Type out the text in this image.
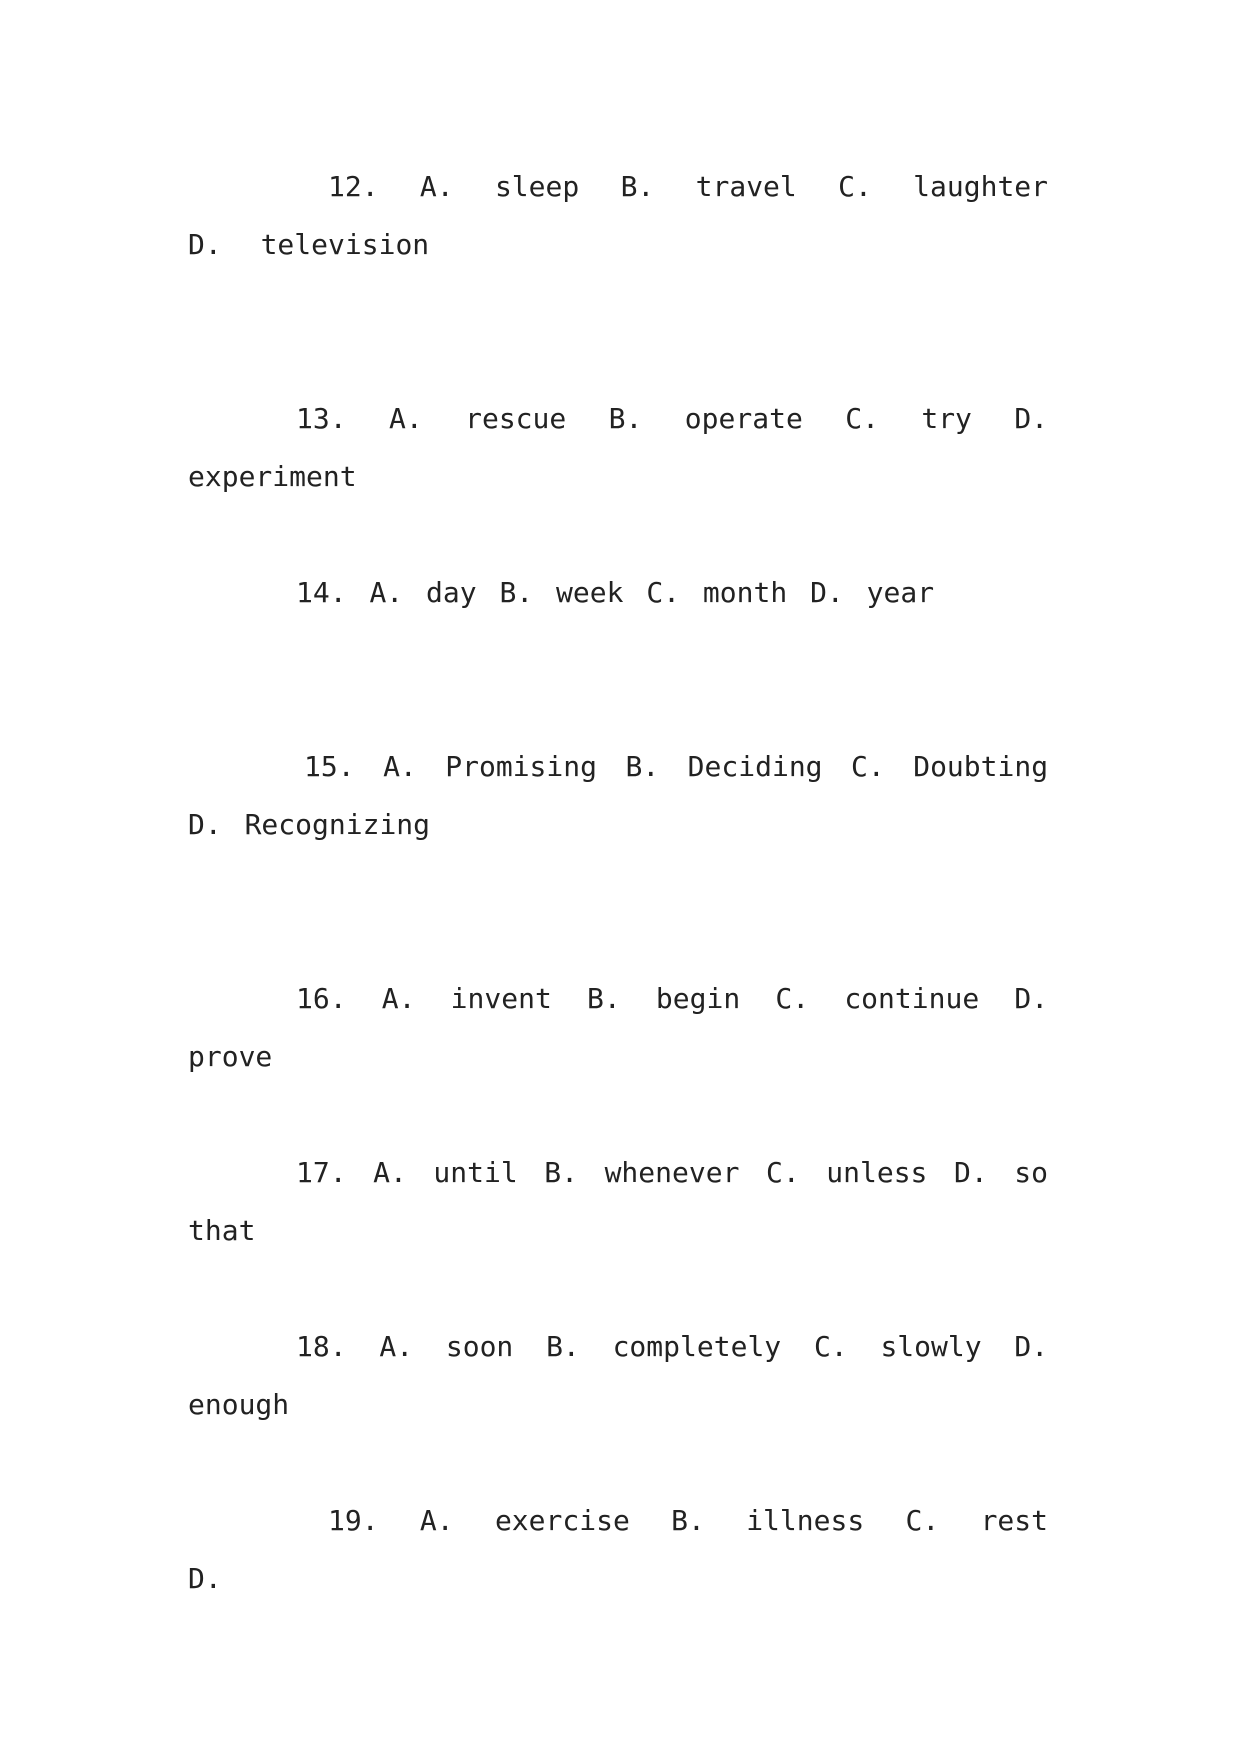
12. A. sleep B. travel C. laughter D. television
13. A. rescue B. operate C. try D. experiment
14. A. day B. week C. month D. year
15. A. Promising B. Deciding C. Doubting D. Recognizing
16. A. invent B. begin C. continue D. prove
17. A. until B. whenever C. unless D. so that
18. A. soon B. completely C. slowly D. enough
19. A. exercise B. illness C. rest D.
